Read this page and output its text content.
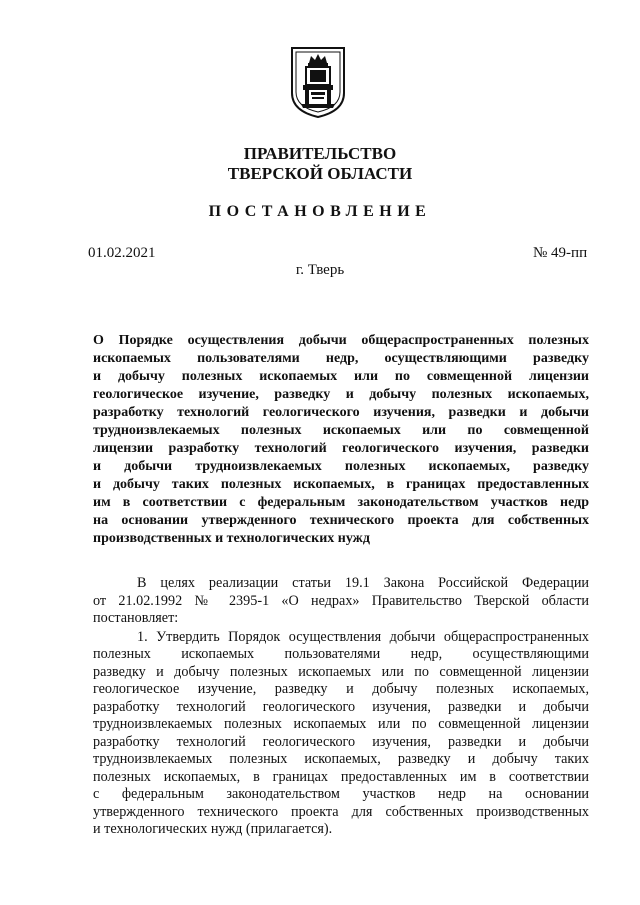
ПРАВИТЕЛЬСТВО
ТВЕРСКОЙ ОБЛАСТИ
ПОСТАНОВЛЕНИЕ
01.02.2021	№ 49-пп
г. Тверь
О Порядке осуществления добычи общераспространенных полезных
ископаемых пользователями недр, осуществляющими разведку
и добычу полезных ископаемых или по совмещенной лицензии
геологическое изучение, разведку и добычу полезных ископаемых,
разработку технологий геологического изучения, разведки и добычи
трудноизвлекаемых полезных ископаемых или по совмещенной
лицензии разработку технологий геологического изучения, разведки
и добычи трудноизвлекаемых полезных ископаемых, разведку
и добычу таких полезных ископаемых, в границах предоставленных
им в соответствии с федеральным законодательством участков недр
на основании утвержденного технического проекта для собственных
производственных и технологических нужд
В целях реализации статьи 19.1 Закона Российской Федерации
от 21.02.1992 № 2395-1 «О недрах» Правительство Тверской области
постановляет:
1. Утвердить Порядок осуществления добычи общераспространенных
полезных ископаемых пользователями недр, осуществляющими
разведку и добычу полезных ископаемых или по совмещенной лицензии
геологическое изучение, разведку и добычу полезных ископаемых,
разработку технологий геологического изучения, разведки и добычи
трудноизвлекаемых полезных ископаемых или по совмещенной лицензии
разработку технологий геологического изучения, разведки и добычи
трудноизвлекаемых полезных ископаемых, разведку и добычу таких
полезных ископаемых, в границах предоставленных им в соответствии
с федеральным законодательством участков недр на основании
утвержденного технического проекта для собственных производственных
и технологических нужд (прилагается).
